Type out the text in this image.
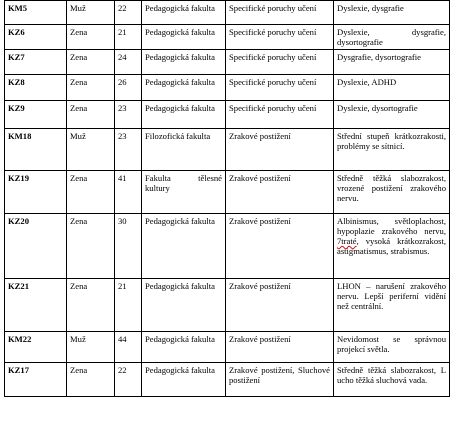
KM5	Muž	22	Pedagogická fakulta	Specifické poruchy učení	Dyslexie, dysgrafie
KZ6	Zena	21	Pedagogická fakulta	Specifické poruchy učení	Dyslexie, dysgrafie, dysortografie
KZ7	Zena	24	Pedagogická fakulta	Specifické poruchy učení	Dysgrafie, dysortografie
KZ8	Zena	26	Pedagogická fakulta	Specifické poruchy učení	Dyslexie, ADHD
KZ9	Zena	23	Pedagogická fakulta	Specifické poruchy učení	Dyslexie, dysortografie
KM18	Muž	23	Filozofická fakulta	Zrakové postižení	Střední stupeň krátkozrakosti, problémy se sítnicí.
KZ19	Zena	41	Fakulta tělesné kultury	Zrakové postižení	Středně těžká slabozrakost, vrozené postižení zrakového nervu.
KZ20	Zena	30	Pedagogická fakulta	Zrakové postižení	Albinismus, světloplachost, hypoplazie zrakového nervu, 7traté, vysoká krátkozrakost, astigmatismus, strabismus.
KZ21	Zena	21	Pedagogická fakulta	Zrakové postižení	LHON – narušení zrakového nervu. Lepší periferní vidění než centrální.
KM22	Muž	44	Pedagogická fakulta	Zrakové postižení	Nevidomost se správnou projekcí světla.
KZ17	Zena	22	Pedagogická fakulta	Zrakové postižení, Sluchové postižení	Středně těžká slabozrakost, L ucho těžká sluchová vada.
